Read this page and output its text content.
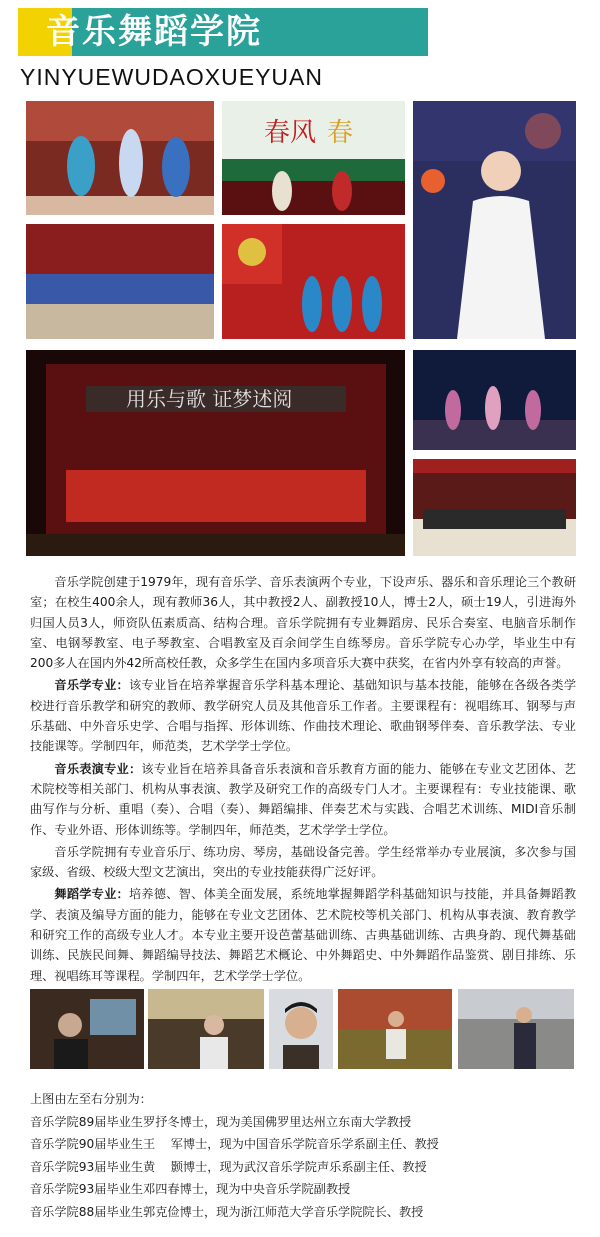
音乐舞蹈学院
YINYUEWUDAOXUEYUAN
春风 春
用乐与歌 证梦述阅

音乐学院创建于1979年，现有音乐学、音乐表演两个专业，下设声乐、器乐和音乐理论三个教研室；在校生400余人，现有教师36人，其中教授2人、副教授10人，博士2人，硕士19人，引进海外归国人员3人，师资队伍素质高、结构合理。音乐学院拥有专业舞蹈房、民乐合奏室、电脑音乐制作室、电钢琴教室、电子琴教室、合唱教室及百余间学生自练琴房。音乐学院专心办学，毕业生中有200多人在国内外42所高校任教，众多学生在国内多项音乐大赛中获奖，在省内外享有较高的声誉。

音乐学专业：该专业旨在培养掌握音乐学科基本理论、基础知识与基本技能，能够在各级各类学校进行音乐教学和研究的教师、教学研究人员及其他音乐工作者。主要课程有：视唱练耳、钢琴与声乐基础、中外音乐史学、合唱与指挥、形体训练、作曲技术理论、歌曲钢琴伴奏、音乐教学法、专业技能课等。学制四年，师范类，艺术学学士学位。

音乐表演专业：该专业旨在培养具备音乐表演和音乐教育方面的能力、能够在专业文艺团体、艺术院校等相关部门、机构从事表演、教学及研究工作的高级专门人才。主要课程有：专业技能课、歌曲写作与分析、重唱（奏）、合唱（奏）、舞蹈编排、伴奏艺术与实践、合唱艺术训练、MIDI音乐制作、专业外语、形体训练等。学制四年，师范类，艺术学学士学位。

音乐学院拥有专业音乐厅、练功房、琴房，基础设备完善。学生经常举办专业展演，多次参与国家级、省级、校级大型文艺演出，突出的专业技能获得广泛好评。

舞蹈学专业：培养德、智、体美全面发展，系统地掌握舞蹈学科基础知识与技能，并具备舞蹈教学、表演及编导方面的能力，能够在专业文艺团体、艺术院校等机关部门、机构从事表演、教育教学和研究工作的高级专业人才。本专业主要开设芭蕾基础训练、古典基础训练、古典身韵、现代舞基础训练、民族民间舞、舞蹈编导技法、舞蹈艺术概论、中外舞蹈史、中外舞蹈作品鉴赏、剧目排练、乐理、视唱练耳等课程。学制四年，艺术学学士学位。

上图由左至右分别为：
音乐学院89届毕业生罗抒冬博士，现为美国佛罗里达州立东南大学教授
音乐学院90届毕业生王    军博士，现为中国音乐学院音乐学系副主任、教授
音乐学院93届毕业生黄    颢博士，现为武汉音乐学院声乐系副主任、教授
音乐学院93届毕业生邓四春博士，现为中央音乐学院副教授
音乐学院88届毕业生郭克俭博士，现为浙江师范大学音乐学院院长、教授
